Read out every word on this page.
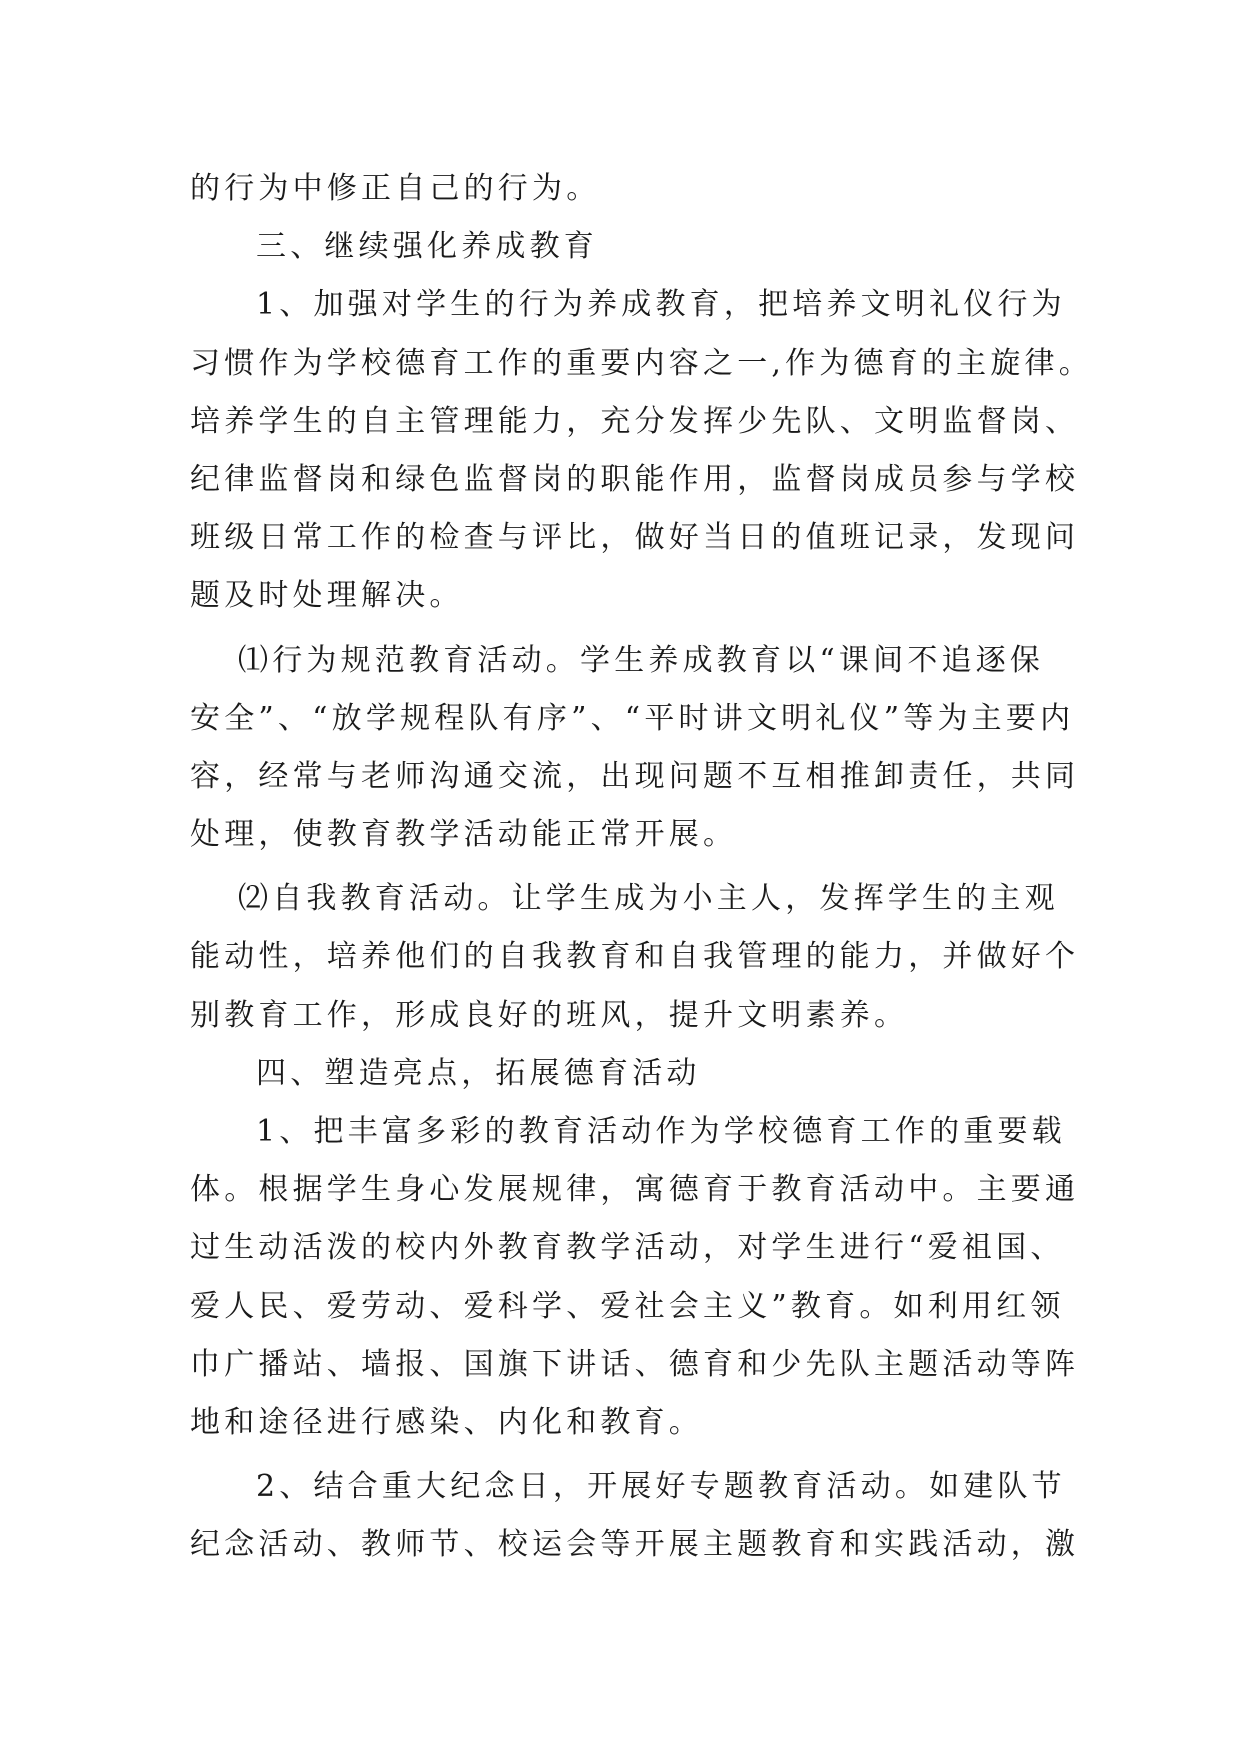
的行为中修正自己的行为。
三、继续强化养成教育
1、加强对学生的行为养成教育，把培养文明礼仪行为
习惯作为学校德育工作的重要内容之一,作为德育的主旋律。
培养学生的自主管理能力，充分发挥少先队、文明监督岗、
纪律监督岗和绿色监督岗的职能作用，监督岗成员参与学校
班级日常工作的检查与评比，做好当日的值班记录，发现问
题及时处理解决。
⑴行为规范教育活动。学生养成教育以“课间不追逐保
安全”、“放学规程队有序”、“平时讲文明礼仪”等为主要内
容，经常与老师沟通交流，出现问题不互相推卸责任，共同
处理，使教育教学活动能正常开展。
⑵自我教育活动。让学生成为小主人，发挥学生的主观
能动性，培养他们的自我教育和自我管理的能力，并做好个
别教育工作，形成良好的班风，提升文明素养。
四、塑造亮点，拓展德育活动
1、把丰富多彩的教育活动作为学校德育工作的重要载
体。根据学生身心发展规律，寓德育于教育活动中。主要通
过生动活泼的校内外教育教学活动，对学生进行“爱祖国、
爱人民、爱劳动、爱科学、爱社会主义”教育。如利用红领
巾广播站、墙报、国旗下讲话、德育和少先队主题活动等阵
地和途径进行感染、内化和教育。
2、结合重大纪念日，开展好专题教育活动。如建队节
纪念活动、教师节、校运会等开展主题教育和实践活动，激
